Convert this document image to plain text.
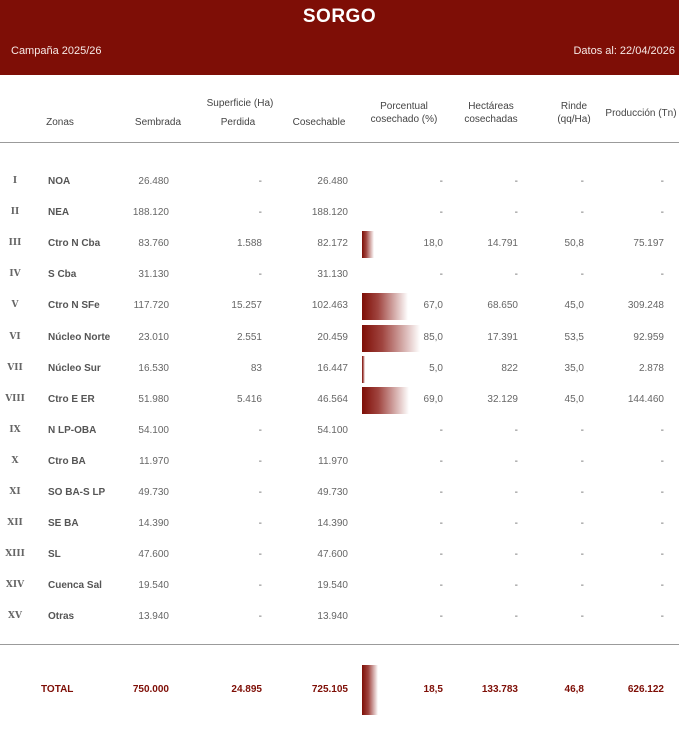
SORGO
Campaña 2025/26	Datos al: 22/04/2026
Zonas
Superficie (Ha)
Sembrada	Perdida	Cosechable
Porcentual
cosechado (%)
Hectáreas
cosechadas
Rinde
(qq/Ha)
Producción (Tn)
I	NOA	26.480	-	26.480	-	-	-	-
II	NEA	188.120	-	188.120	-	-	-	-
III	Ctro N Cba	83.760	1.588	82.172	18,0	14.791	50,8	75.197
IV	S Cba	31.130	-	31.130	-	-	-	-
V	Ctro N SFe	117.720	15.257	102.463	67,0	68.650	45,0	309.248
VI	Núcleo Norte	23.010	2.551	20.459	85,0	17.391	53,5	92.959
VII	Núcleo Sur	16.530	83	16.447	5,0	822	35,0	2.878
VIII	Ctro E ER	51.980	5.416	46.564	69,0	32.129	45,0	144.460
IX	N LP-OBA	54.100	-	54.100	-	-	-	-
X	Ctro BA	11.970	-	11.970	-	-	-	-
XI	SO BA-S LP	49.730	-	49.730	-	-	-	-
XII	SE BA	14.390	-	14.390	-	-	-	-
XIII	SL	47.600	-	47.600	-	-	-	-
XIV	Cuenca Sal	19.540	-	19.540	-	-	-	-
XV	Otras	13.940	-	13.940	-	-	-	-
TOTAL	750.000	24.895	725.105	18,5	133.783	46,8	626.122
